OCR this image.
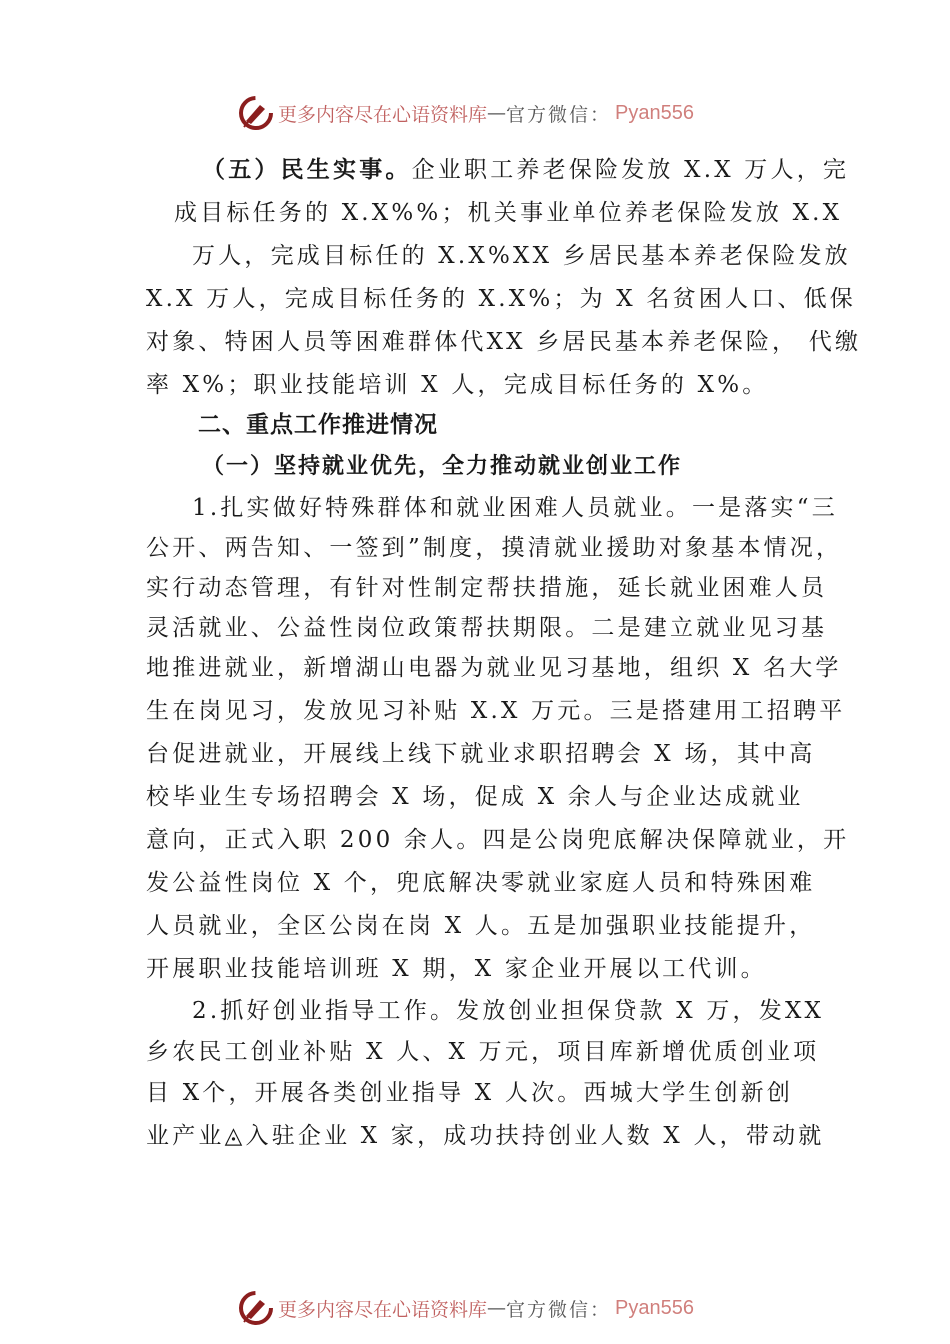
更多内容尽在心语资料库 — 官方微信： Pyan556
（五）民生实事。企业职工养老保险发放 X.X 万人，完
成目标任务的 X.X%%；机关事业单位养老保险发放 X.X
万人，完成目标任的 X.X%XX 乡居民基本养老保险发放
X.X 万人，完成目标任务的 X.X%；为 X 名贫困人口、低保
对象、特困人员等困难群体代XX 乡居民基本养老保险， 代缴
率 X%；职业技能培训 X 人，完成目标任务的 X%。
二、重点工作推进情况
（一）坚持就业优先，全力推动就业创业工作
1.扎实做好特殊群体和就业困难人员就业。一是落实“三
公开、两告知、一签到”制度，摸清就业援助对象基本情况，
实行动态管理，有针对性制定帮扶措施，延长就业困难人员
灵活就业、公益性岗位政策帮扶期限。二是建立就业见习基
地推进就业，新增湖山电器为就业见习基地，组织 X 名大学
生在岗见习，发放见习补贴 X.X 万元。三是搭建用工招聘平
台促进就业，开展线上线下就业求职招聘会 X 场，其中高
校毕业生专场招聘会 X 场，促成 X 余人与企业达成就业
意向，正式入职 200 余人。四是公岗兜底解决保障就业，开
发公益性岗位 X 个，兜底解决零就业家庭人员和特殊困难
人员就业，全区公岗在岗 X 人。五是加强职业技能提升，
开展职业技能培训班 X 期，X 家企业开展以工代训。
2.抓好创业指导工作。发放创业担保贷款 X 万，发XX
乡农民工创业补贴 X 人、X 万元，项目库新增优质创业项
目 X个，开展各类创业指导 X 人次。西城大学生创新创
业产业◬入驻企业 X 家，成功扶持创业人数 X 人，带动就
更多内容尽在心语资料库 — 官方微信： Pyan556
